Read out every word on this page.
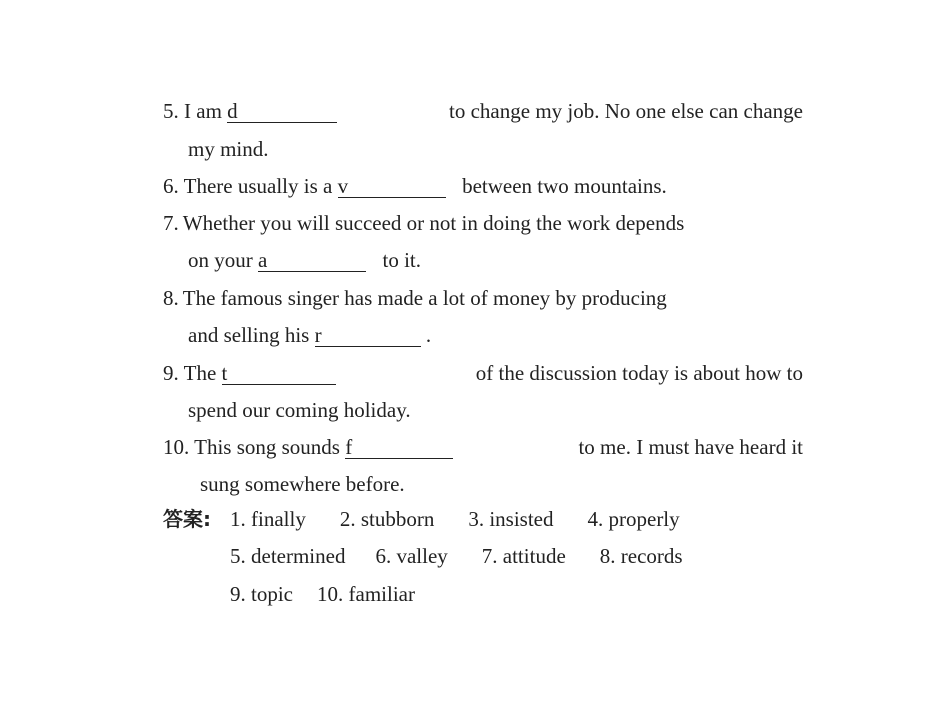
5. I am d	to change my job. No one else can change
my mind.
6. There usually is a v	between two mountains.
7. Whether you will succeed or not in doing the work depends
on your a	to it.
8. The famous singer has made a lot of money by producing
and selling his r	.
9. The t	of the discussion today is about how to
spend our coming holiday.
10. This song sounds f	to me. I must have heard it
sung somewhere before.
答案: 1. finally 2. stubborn 3. insisted 4. properly
5. determined 6. valley 7. attitude 8. records
9. topic 10. familiar
